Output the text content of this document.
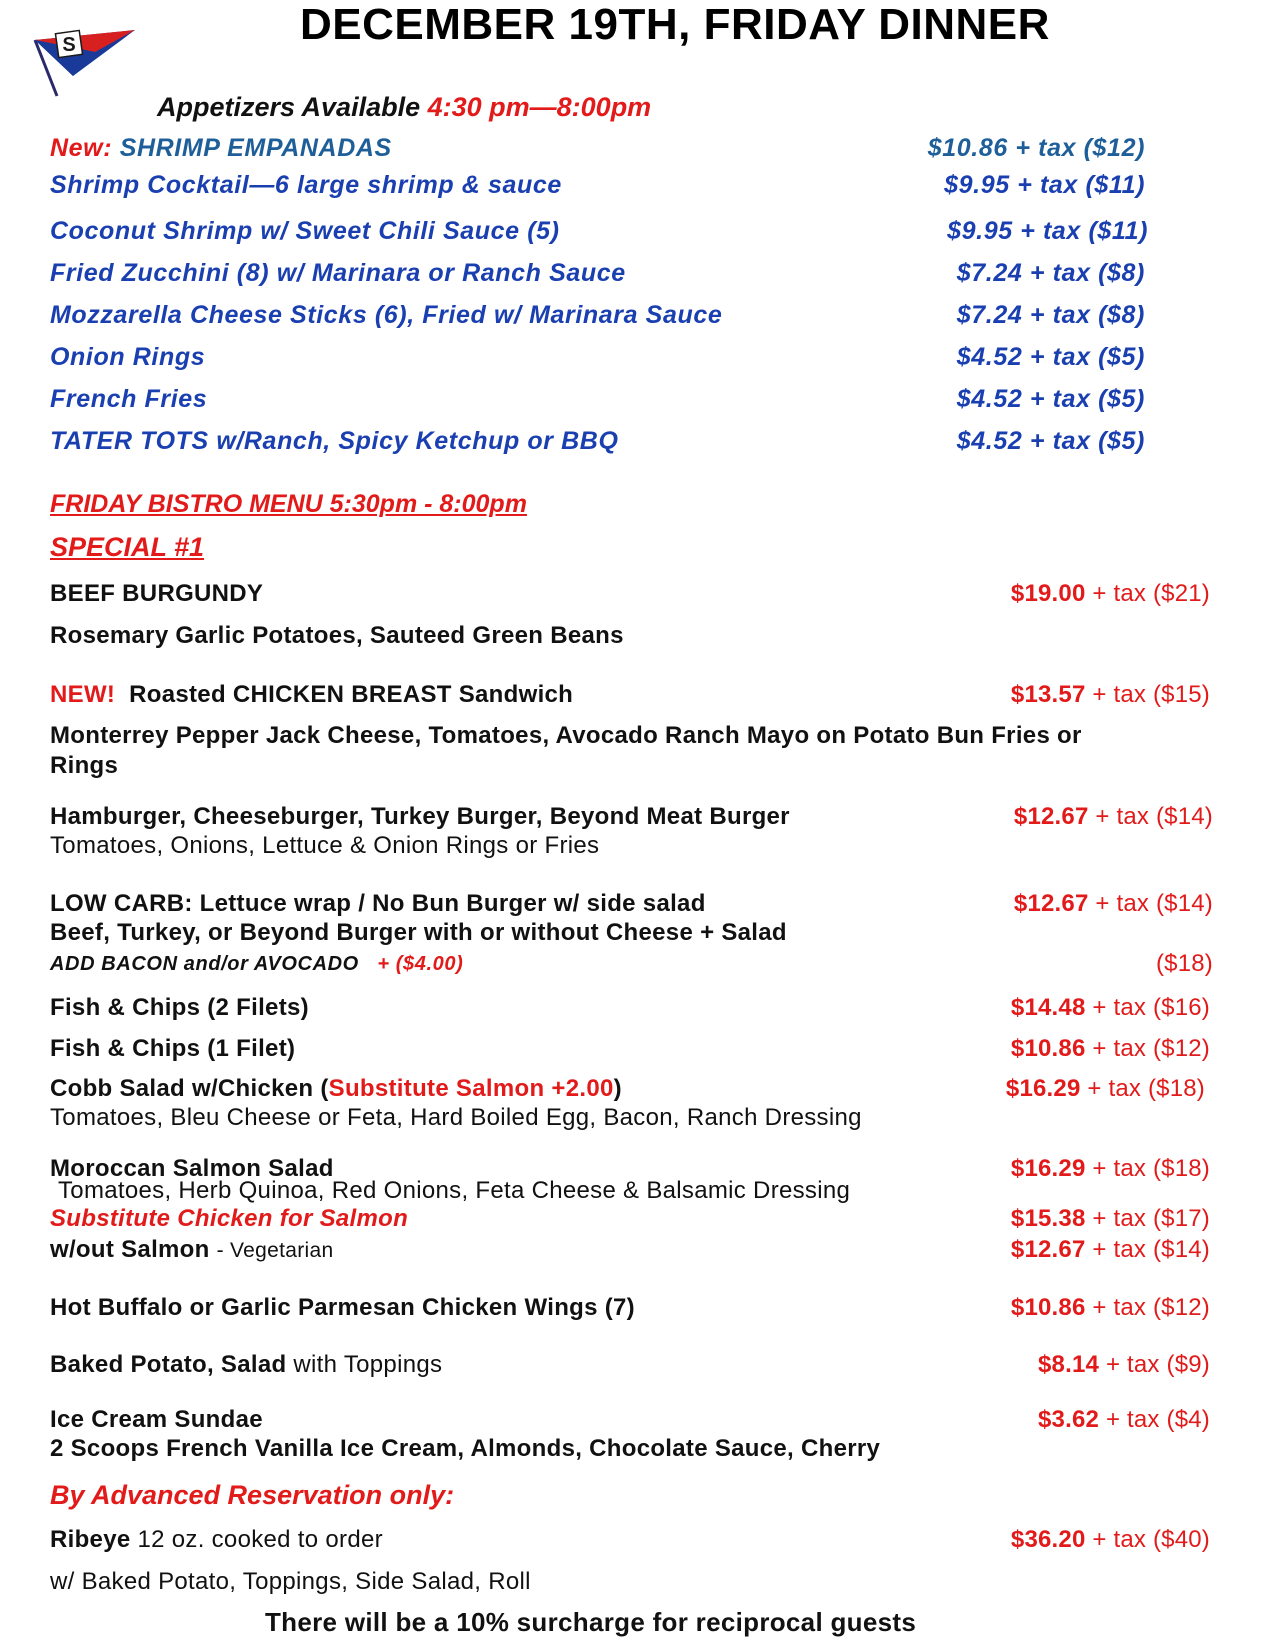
S	DECEMBER 19TH, FRIDAY DINNER
Appetizers Available 4:30 pm—8:00pm
New: SHRIMP EMPANADAS	$10.86 + tax ($12)
Shrimp Cocktail—6 large shrimp & sauce	$9.95 + tax ($11)
Coconut Shrimp w/ Sweet Chili Sauce (5)	$9.95 + tax ($11)
Fried Zucchini (8) w/ Marinara or Ranch Sauce	$7.24 + tax ($8)
Mozzarella Cheese Sticks (6), Fried w/ Marinara Sauce	$7.24 + tax ($8)
Onion Rings	$4.52 + tax ($5)
French Fries	$4.52 + tax ($5)
TATER TOTS w/Ranch, Spicy Ketchup or BBQ	$4.52 + tax ($5)
FRIDAY BISTRO MENU 5:30pm - 8:00pm
SPECIAL #1
BEEF BURGUNDY	$19.00 + tax ($21)
Rosemary Garlic Potatoes, Sauteed Green Beans
NEW! Roasted CHICKEN BREAST Sandwich	$13.57 + tax ($15)
Monterrey Pepper Jack Cheese, Tomatoes, Avocado Ranch Mayo on Potato Bun Fries or
Rings
Hamburger, Cheeseburger, Turkey Burger, Beyond Meat Burger	$12.67 + tax ($14)
Tomatoes, Onions, Lettuce & Onion Rings or Fries
LOW CARB: Lettuce wrap / No Bun Burger w/ side salad	$12.67 + tax ($14)
Beef, Turkey, or Beyond Burger with or without Cheese + Salad
ADD BACON and/or AVOCADO + ($4.00)	($18)
Fish & Chips (2 Filets)	$14.48 + tax ($16)
Fish & Chips (1 Filet)	$10.86 + tax ($12)
Cobb Salad w/Chicken (Substitute Salmon +2.00)	$16.29 + tax ($18)
Tomatoes, Bleu Cheese or Feta, Hard Boiled Egg, Bacon, Ranch Dressing
Moroccan Salmon Salad	$16.29 + tax ($18)
Tomatoes, Herb Quinoa, Red Onions, Feta Cheese & Balsamic Dressing
Substitute Chicken for Salmon	$15.38 + tax ($17)
w/out Salmon - Vegetarian	$12.67 + tax ($14)
Hot Buffalo or Garlic Parmesan Chicken Wings (7)	$10.86 + tax ($12)
Baked Potato, Salad with Toppings	$8.14 + tax ($9)
Ice Cream Sundae	$3.62 + tax ($4)
2 Scoops French Vanilla Ice Cream, Almonds, Chocolate Sauce, Cherry
By Advanced Reservation only:
Ribeye 12 oz. cooked to order	$36.20 + tax ($40)
w/ Baked Potato, Toppings, Side Salad, Roll
There will be a 10% surcharge for reciprocal guests
